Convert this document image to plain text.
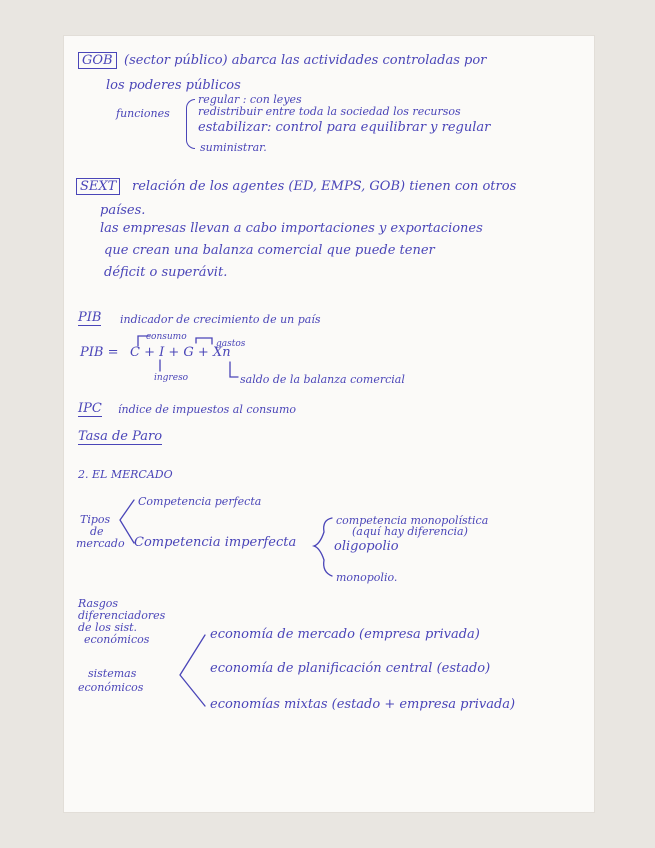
GOB (sector público) abarca las actividades controladas por
los poderes públicos
funciones
regular : con leyes
redistribuir entre toda la sociedad los recursos
estabilizar: control para equilibrar y regular
suministrar.
SEXT	relación de los agentes (ED, EMPS, GOB) tienen con otros
países.
las empresas llevan a cabo importaciones y exportaciones
que crean una balanza comercial que puede tener
déficit o superávit.
PIB indicador de crecimiento de un país
consumo
gastos
PIB = C + I + G + Xn
ingreso	saldo de la balanza comercial
IPC índice de impuestos al consumo
Tasa de Paro
2. EL MERCADO
Tipos
de
mercado
Competencia perfecta
Competencia imperfecta
competencia monopolística
(aquí hay diferencia)
oligopolio
monopolio.
Rasgos
diferenciadores
de los sist.
económicos
sistemas
económicos
economía de mercado (empresa privada)
economía de planificación central (estado)
economías mixtas (estado + empresa privada)
